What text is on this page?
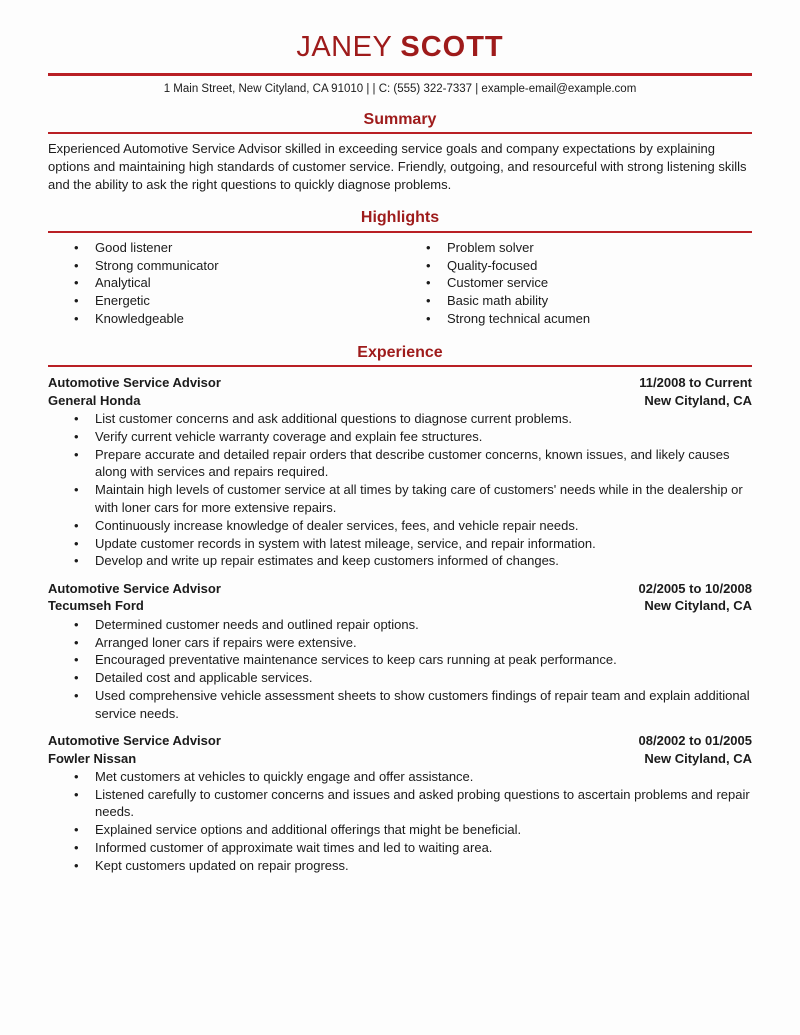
JANEY SCOTT

1 Main Street, New Cityland, CA 91010 | | C: (555) 322-7337 | example-email@example.com

Summary

Experienced Automotive Service Advisor skilled in exceeding service goals and company expectations by explaining options and maintaining high standards of customer service. Friendly, outgoing, and resourceful with strong listening skills and the ability to ask the right questions to quickly diagnose problems.

Highlights
• Good listener
• Strong communicator
• Analytical
• Energetic
• Knowledgeable
• Problem solver
• Quality-focused
• Customer service
• Basic math ability
• Strong technical acumen
Experience
Automotive Service Advisor	11/2008 to Current
General Honda	New Cityland, CA
• List customer concerns and ask additional questions to diagnose current problems.
• Verify current vehicle warranty coverage and explain fee structures.
• Prepare accurate and detailed repair orders that describe customer concerns, known issues, and likely causes along with services and repairs required.
• Maintain high levels of customer service at all times by taking care of customers' needs while in the dealership or with loner cars for more extensive repairs.
• Continuously increase knowledge of dealer services, fees, and vehicle repair needs.
• Update customer records in system with latest mileage, service, and repair information.
• Develop and write up repair estimates and keep customers informed of changes.
Automotive Service Advisor	02/2005 to 10/2008
Tecumseh Ford	New Cityland, CA
• Determined customer needs and outlined repair options.
• Arranged loner cars if repairs were extensive.
• Encouraged preventative maintenance services to keep cars running at peak performance.
• Detailed cost and applicable services.
• Used comprehensive vehicle assessment sheets to show customers findings of repair team and explain additional service needs.
Automotive Service Advisor	08/2002 to 01/2005
Fowler Nissan	New Cityland, CA
• Met customers at vehicles to quickly engage and offer assistance.
• Listened carefully to customer concerns and issues and asked probing questions to ascertain problems and repair needs.
• Explained service options and additional offerings that might be beneficial.
• Informed customer of approximate wait times and led to waiting area.
• Kept customers updated on repair progress.
